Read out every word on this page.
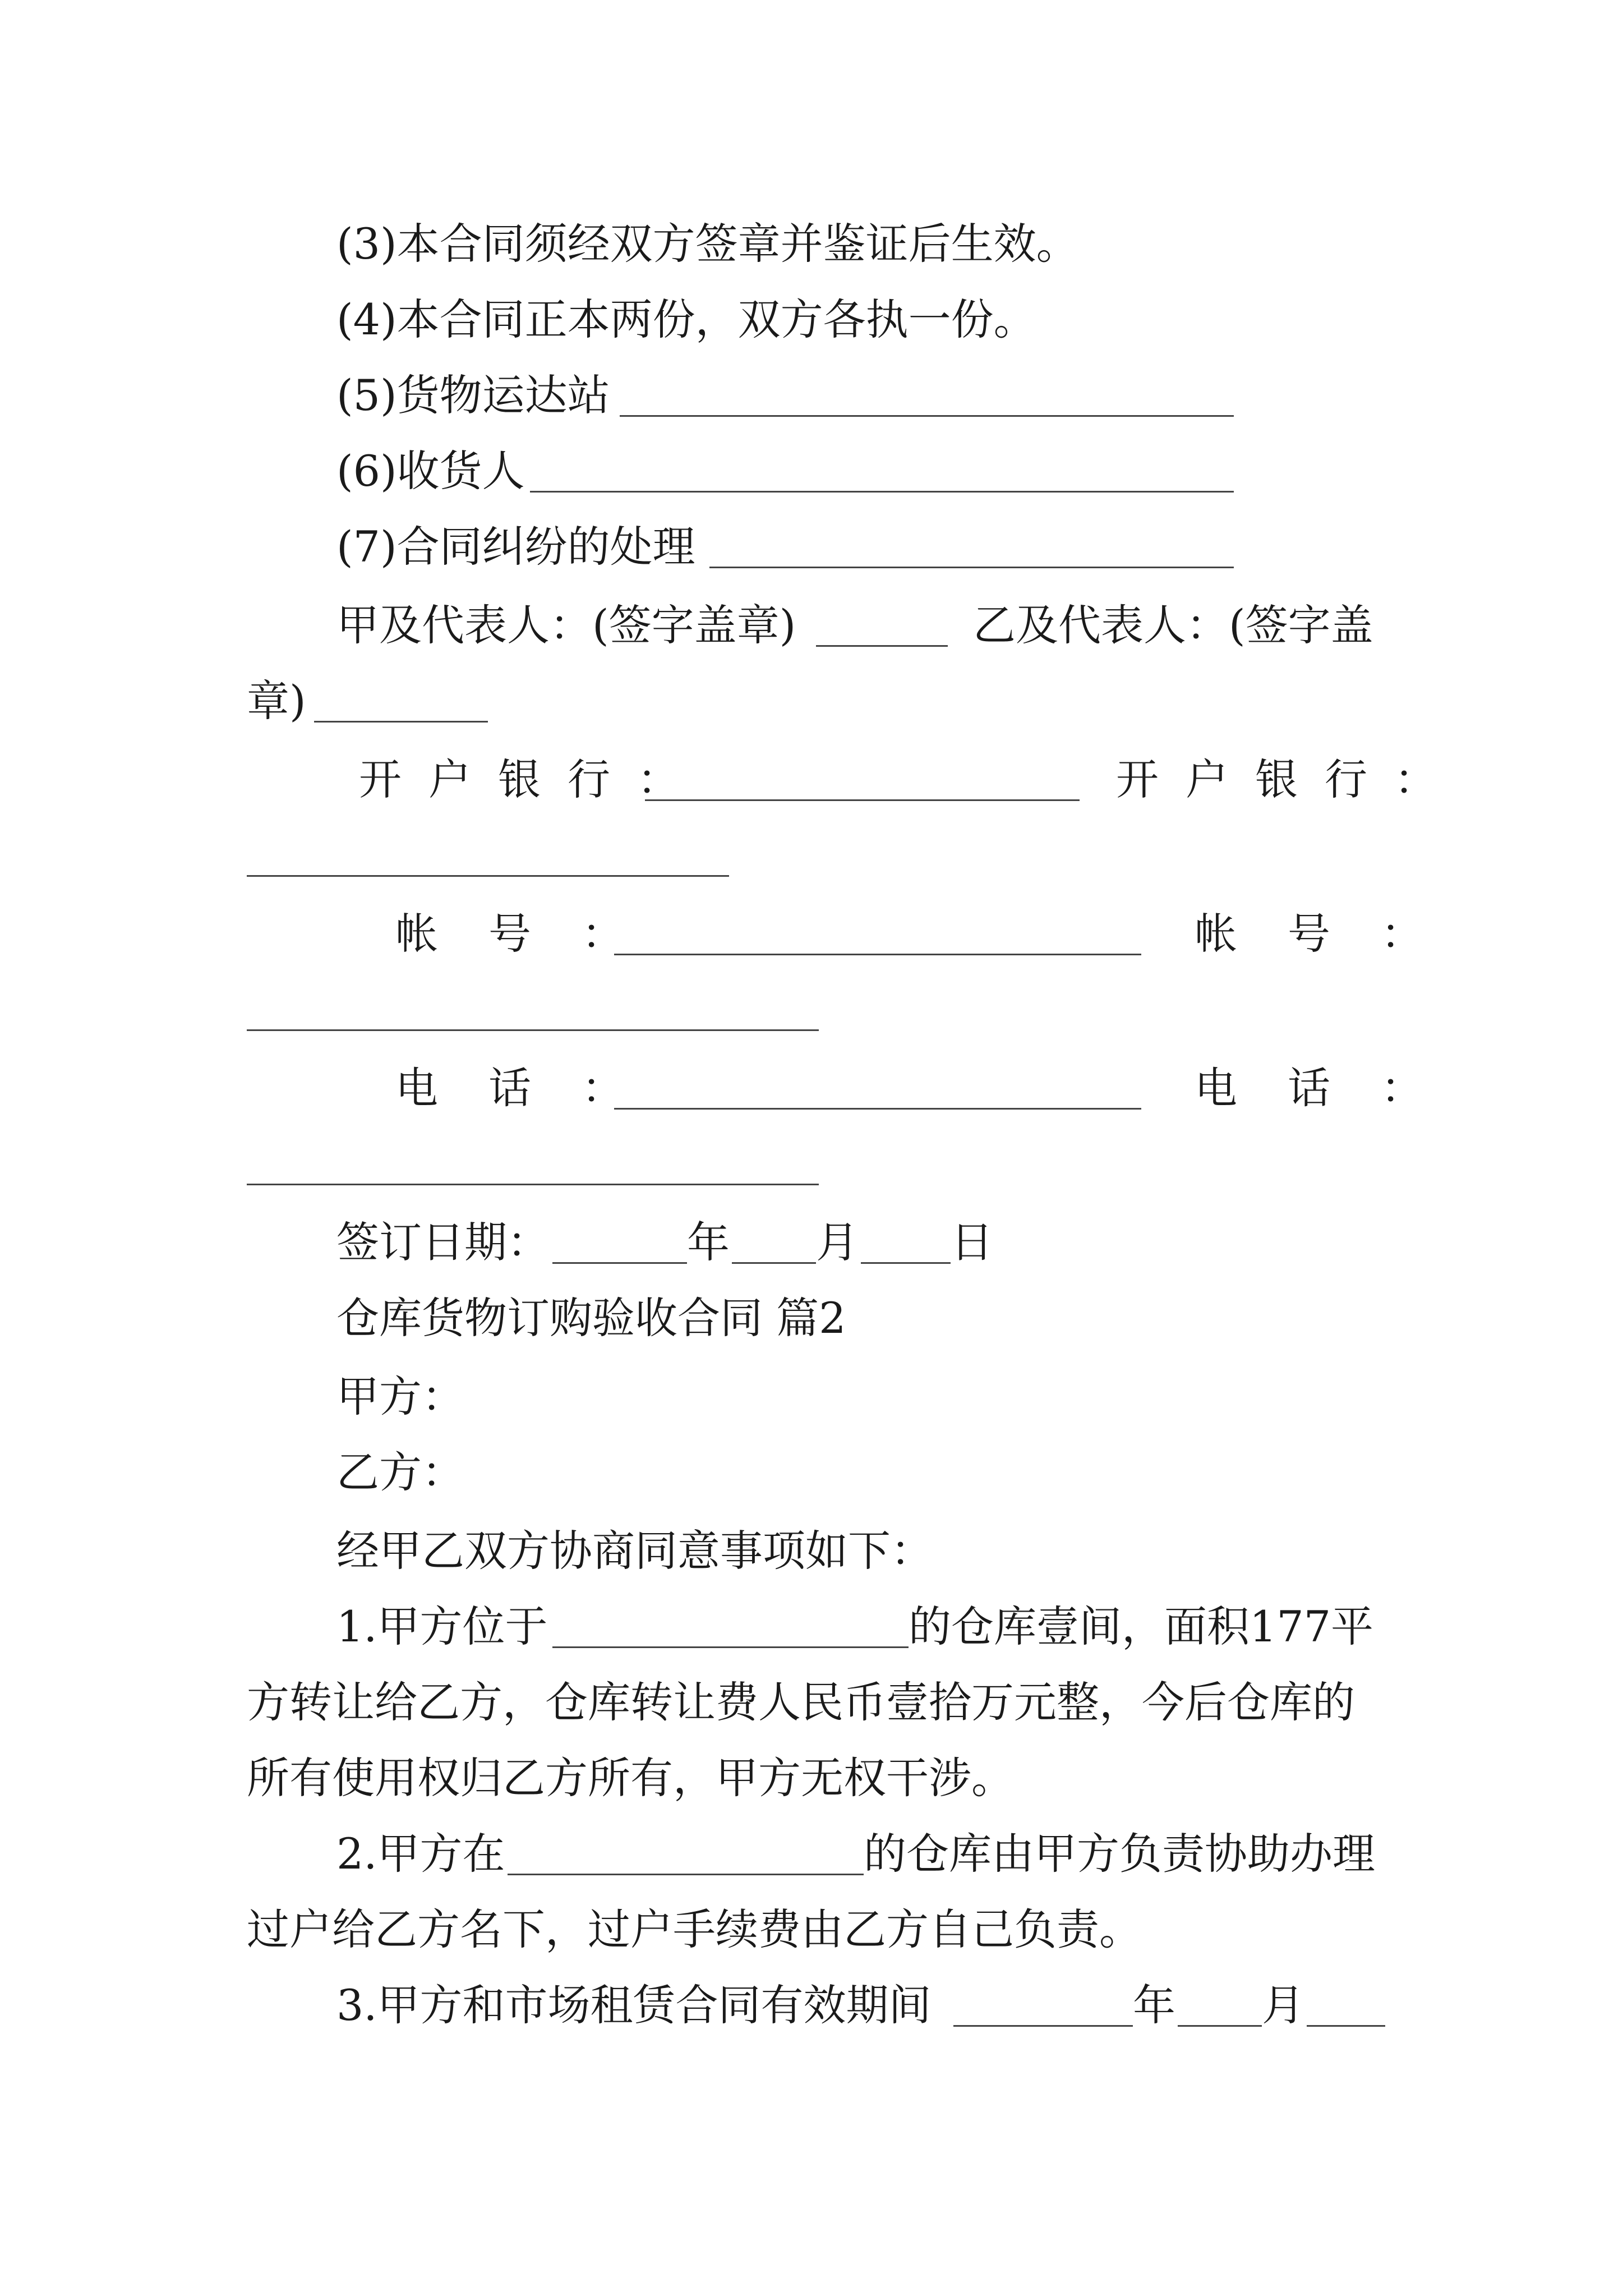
(3)本合同须经双方签章并鉴证后生效。
(4)本合同正本两份，双方各执一份。
(5)货物运达站
(6)收货人
(7)合同纠纷的处理
甲及代表人：(签字盖章)	乙及代表人：(签字盖
章)
开户银行：	开户银行：
帐号：	帐号：
电话：	电话：
签订日期：	年 月 日
仓库货物订购验收合同 篇2
甲方：
乙方：
经甲乙双方协商同意事项如下：
1.甲方位于	的仓库壹间，面积177平
方转让给乙方，仓库转让费人民币壹拾万元整，今后仓库的
所有使用权归乙方所有，甲方无权干涉。
2.甲方在	的仓库由甲方负责协助办理
过户给乙方名下，过户手续费由乙方自己负责。
3.甲方和市场租赁合同有效期间	年 月
